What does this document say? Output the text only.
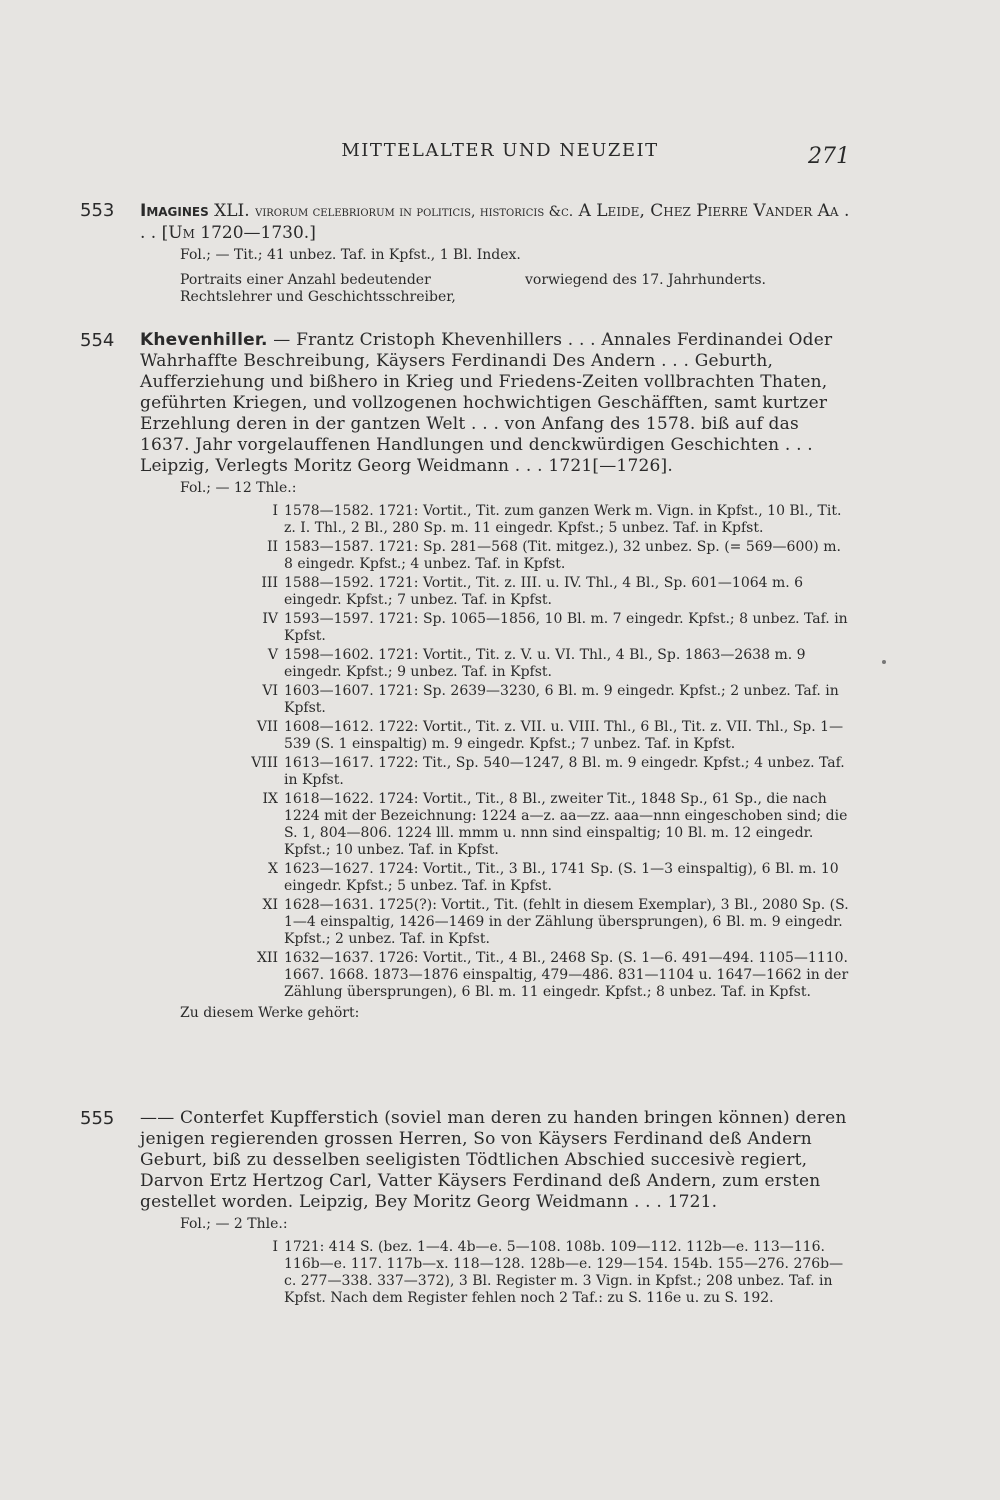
MITTELALTER UND NEUZEIT	271
553 Imagines XLI. virorum celebriorum in politicis, historicis &c. A Leide, Chez Pierre Vander Aa . . . [Um 1720—1730.]
Fol.; — Tit.; 41 unbez. Taf. in Kpfst., 1 Bl. Index.
Portraits einer Anzahl bedeutender Rechtslehrer und Geschichtsschreiber,
vorwiegend des 17. Jahrhunderts.
554 Khevenhiller. — Frantz Cristoph Khevenhillers . . . Annales Ferdinandei Oder Wahrhaffte Beschreibung, Käysers Ferdinandi Des Andern . . . Geburth, Aufferziehung und bißhero in Krieg und Friedens-Zeiten vollbrachten Thaten, geführten Kriegen, und vollzogenen hochwichtigen Geschäfften, samt kurtzer Erzehlung deren in der gantzen Welt . . . von Anfang des 1578. biß auf das 1637. Jahr vorgelauffenen Handlungen und denckwürdigen Geschichten . . . Leipzig, Verlegts Moritz Georg Weidmann . . . 1721[—1726].
Fol.; — 12 Thle.:
I 1578—1582. 1721: Vortit., Tit. zum ganzen Werk m. Vign. in Kpfst., 10 Bl., Tit. z. I. Thl., 2 Bl., 280 Sp. m. 11 eingedr. Kpfst.; 5 unbez. Taf. in Kpfst.
II 1583—1587. 1721: Sp. 281—568 (Tit. mitgez.), 32 unbez. Sp. (= 569—600) m. 8 eingedr. Kpfst.; 4 unbez. Taf. in Kpfst.
III 1588—1592. 1721: Vortit., Tit. z. III. u. IV. Thl., 4 Bl., Sp. 601—1064 m. 6 eingedr. Kpfst.; 7 unbez. Taf. in Kpfst.
IV 1593—1597. 1721: Sp. 1065—1856, 10 Bl. m. 7 eingedr. Kpfst.; 8 unbez. Taf. in Kpfst.
V 1598—1602. 1721: Vortit., Tit. z. V. u. VI. Thl., 4 Bl., Sp. 1863—2638 m. 9 eingedr. Kpfst.; 9 unbez. Taf. in Kpfst.
VI 1603—1607. 1721: Sp. 2639—3230, 6 Bl. m. 9 eingedr. Kpfst.; 2 unbez. Taf. in Kpfst.
VII 1608—1612. 1722: Vortit., Tit. z. VII. u. VIII. Thl., 6 Bl., Tit. z. VII. Thl., Sp. 1—539 (S. 1 einspaltig) m. 9 eingedr. Kpfst.; 7 unbez. Taf. in Kpfst.
VIII 1613—1617. 1722: Tit., Sp. 540—1247, 8 Bl. m. 9 eingedr. Kpfst.; 4 unbez. Taf. in Kpfst.
IX 1618—1622. 1724: Vortit., Tit., 8 Bl., zweiter Tit., 1848 Sp., 61 Sp., die nach 1224 mit der Bezeichnung: 1224 a—z. aa—zz. aaa—nnn eingeschoben sind; die S. 1, 804—806. 1224 lll. mmm u. nnn sind einspaltig; 10 Bl. m. 12 eingedr. Kpfst.; 10 unbez. Taf. in Kpfst.
X 1623—1627. 1724: Vortit., Tit., 3 Bl., 1741 Sp. (S. 1—3 einspaltig), 6 Bl. m. 10 eingedr. Kpfst.; 5 unbez. Taf. in Kpfst.
XI 1628—1631. 1725(?): Vortit., Tit. (fehlt in diesem Exemplar), 3 Bl., 2080 Sp. (S. 1—4 einspaltig, 1426—1469 in der Zählung übersprungen), 6 Bl. m. 9 eingedr. Kpfst.; 2 unbez. Taf. in Kpfst.
XII 1632—1637. 1726: Vortit., Tit., 4 Bl., 2468 Sp. (S. 1—6. 491—494. 1105—1110. 1667. 1668. 1873—1876 einspaltig, 479—486. 831—1104 u. 1647—1662 in der Zählung übersprungen), 6 Bl. m. 11 eingedr. Kpfst.; 8 unbez. Taf. in Kpfst.
Zu diesem Werke gehört:
555 —— Conterfet Kupfferstich (soviel man deren zu handen bringen können) deren jenigen regierenden grossen Herren, So von Käysers Ferdinand deß Andern Geburt, biß zu desselben seeligisten Tödtlichen Abschied succesivè regiert, Darvon Ertz Hertzog Carl, Vatter Käysers Ferdinand deß Andern, zum ersten gestellet worden. Leipzig, Bey Moritz Georg Weidmann . . . 1721.
Fol.; — 2 Thle.:
I 1721: 414 S. (bez. 1—4. 4b—e. 5—108. 108b. 109—112. 112b—e. 113—116. 116b—e. 117. 117b—x. 118—128. 128b—e. 129—154. 154b. 155—276. 276b—c. 277—338. 337—372), 3 Bl. Register m. 3 Vign. in Kpfst.; 208 unbez. Taf. in Kpfst. Nach dem Register fehlen noch 2 Taf.: zu S. 116e u. zu S. 192.
